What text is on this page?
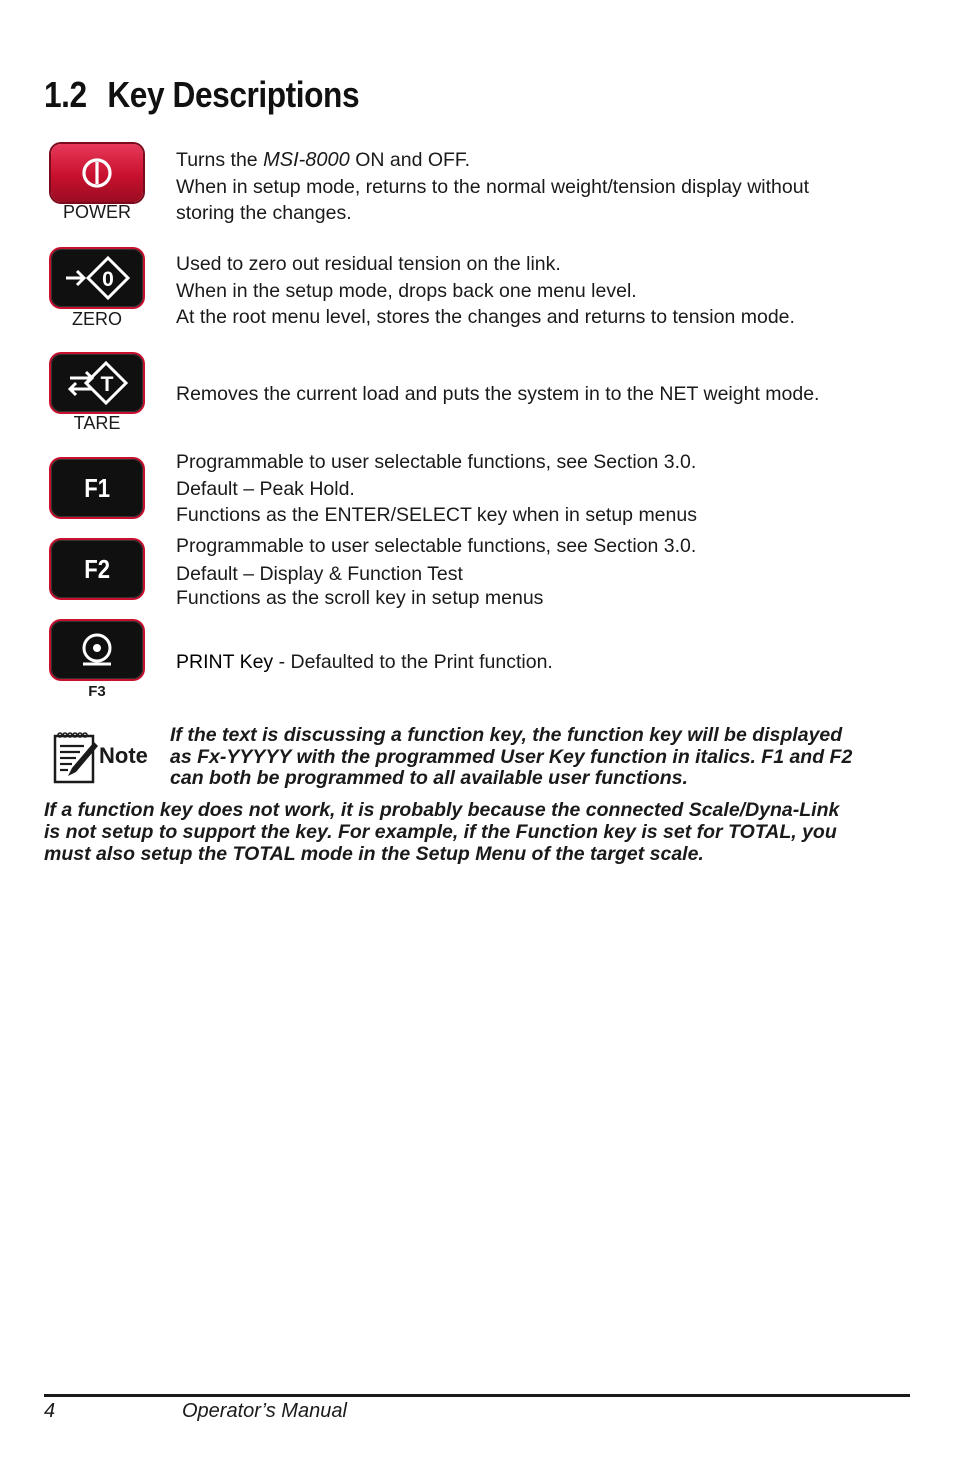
1.2 Key Descriptions
POWER
Turns the MSI-8000 ON and OFF.
When in setup mode, returns to the normal weight/tension display without
storing the changes.
0
ZERO
Used to zero out residual tension on the link.
When in the setup mode, drops back one menu level.
At the root menu level, stores the changes and returns to tension mode.
T
TARE
Removes the current load and puts the system in to the NET weight mode.
F1
Programmable to user selectable functions, see Section 3.0.
Default – Peak Hold.
Functions as the ENTER/SELECT key when in setup menus
F2
Programmable to user selectable functions, see Section 3.0.
Default – Display & Function Test
Functions as the scroll key in setup menus
F3
PRINT Key - Defaulted to the Print function.
Note
If the text is discussing a function key, the function key will be displayed
as Fx-YYYYY with the programmed User Key function in italics. F1 and F2
can both be programmed to all available user functions.
If a function key does not work, it is probably because the connected Scale/Dyna-Link
is not setup to support the key. For example, if the Function key is set for TOTAL, you
must also setup the TOTAL mode in the Setup Menu of the target scale.
4	Operator’s Manual
